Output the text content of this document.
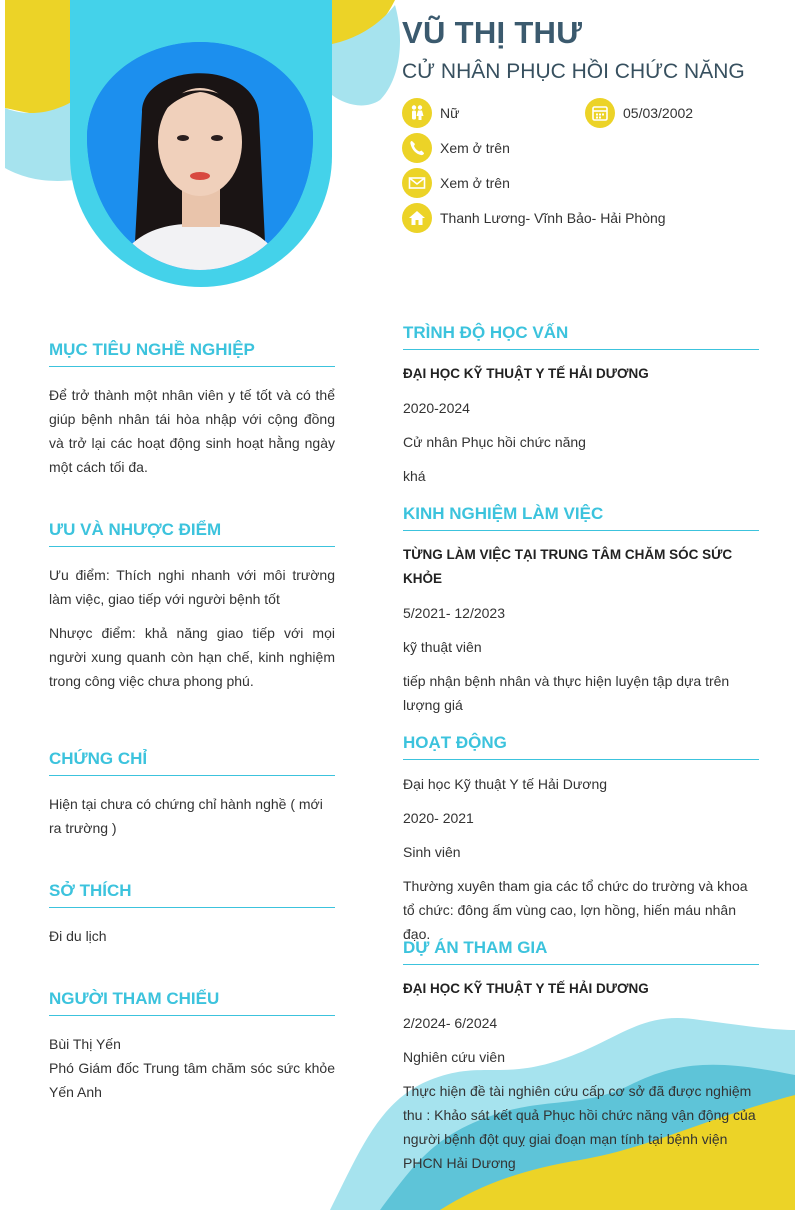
VŨ THỊ THƯ

CỬ NHÂN PHỤC HỒI CHỨC NĂNG

Nữ	05/03/2002
Xem ở trên
Xem ở trên
Thanh Lương- Vĩnh Bảo- Hải Phòng
MỤC TIÊU NGHỀ NGHIỆP

Để trở thành một nhân viên y tế tốt và có thể giúp bệnh nhân tái hòa nhập với cộng đồng và trở lại các hoạt động sinh hoạt hằng ngày một cách tối đa.

ƯU VÀ NHƯỢC ĐIỂM

Ưu điểm: Thích nghi nhanh với môi trường làm việc, giao tiếp với người bệnh tốt

Nhược điểm: khả năng giao tiếp với mọi người xung quanh còn hạn chế, kinh nghiệm trong công việc chưa phong phú.

CHỨNG CHỈ

Hiện tại chưa có chứng chỉ hành nghề ( mới ra trường )

SỞ THÍCH

Đi du lịch

NGƯỜI THAM CHIẾU

Bùi Thị Yến

Phó Giám đốc Trung tâm chăm sóc sức khỏe Yến Anh

TRÌNH ĐỘ HỌC VẤN

ĐẠI HỌC KỸ THUẬT Y TẾ HẢI DƯƠNG

2020-2024

Cử nhân Phục hồi chức năng

khá

KINH NGHIỆM LÀM VIỆC

TỪNG LÀM VIỆC TẠI TRUNG TÂM CHĂM SÓC SỨC KHỎE

5/2021- 12/2023

kỹ thuật viên

tiếp nhận bệnh nhân và thực hiện luyện tập dựa trên lượng giá

HOẠT ĐỘNG

Đại học Kỹ thuật Y tế Hải Dương

2020- 2021

Sinh viên

Thường xuyên tham gia các tổ chức do trường và khoa tổ chức: đông ấm vùng cao, lợn hồng, hiến máu nhân đạo.

DỰ ÁN THAM GIA

ĐẠI HỌC KỸ THUẬT Y TẾ HẢI DƯƠNG

2/2024- 6/2024

Nghiên cứu viên

Thực hiện đề tài nghiên cứu cấp cơ sở đã được nghiệm thu : Khảo sát kết quả Phục hồi chức năng vận động của người bệnh đột quỵ giai đoạn mạn tính tại bệnh viện PHCN Hải Dương
